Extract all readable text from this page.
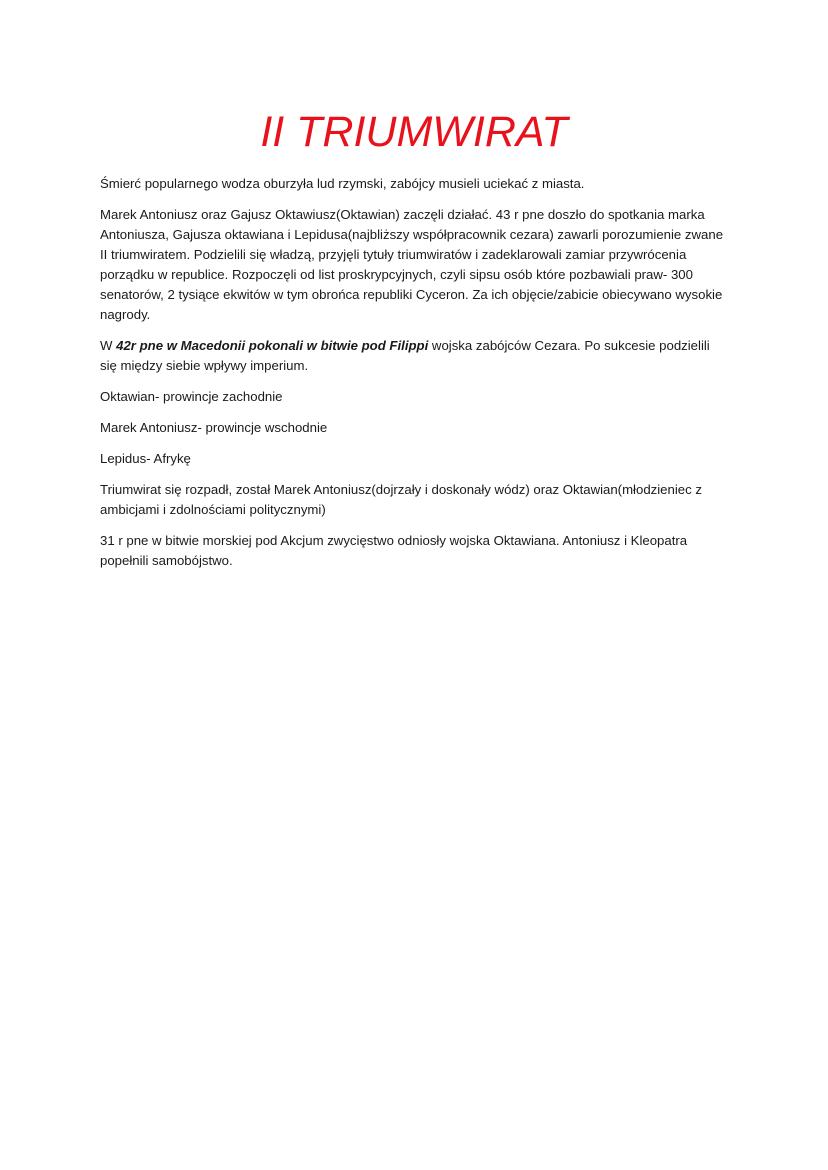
II TRIUMWIRAT

Śmierć popularnego wodza oburzyła lud rzymski, zabójcy musieli uciekać z miasta.

Marek Antoniusz oraz Gajusz Oktawiusz(Oktawian) zaczęli działać. 43 r pne doszło do spotkania marka Antoniusza, Gajusza oktawiana i Lepidusa(najbliższy współpracownik cezara) zawarli porozumienie zwane II triumwiratem. Podzielili się władzą, przyjęli tytuły triumwiratów i zadeklarowali zamiar przywrócenia porządku w republice. Rozpoczęli od list proskrypcyjnych, czyli sipsu osób które pozbawiali praw- 300 senatorów, 2 tysiące ekwitów w tym obrońca republiki Cyceron. Za ich objęcie/zabicie obiecywano wysokie nagrody.

W 42r pne w Macedonii pokonali w bitwie pod Filippi wojska zabójców Cezara. Po sukcesie podzielili się między siebie wpływy imperium.

Oktawian- prowincje zachodnie

Marek Antoniusz- prowincje wschodnie

Lepidus- Afrykę

Triumwirat się rozpadł, został Marek Antoniusz(dojrzały i doskonały wódz) oraz Oktawian(młodzieniec z ambicjami i zdolnościami politycznymi)

31 r pne w bitwie morskiej pod Akcjum zwycięstwo odniosły wojska Oktawiana. Antoniusz i Kleopatra popełnili samobójstwo.
